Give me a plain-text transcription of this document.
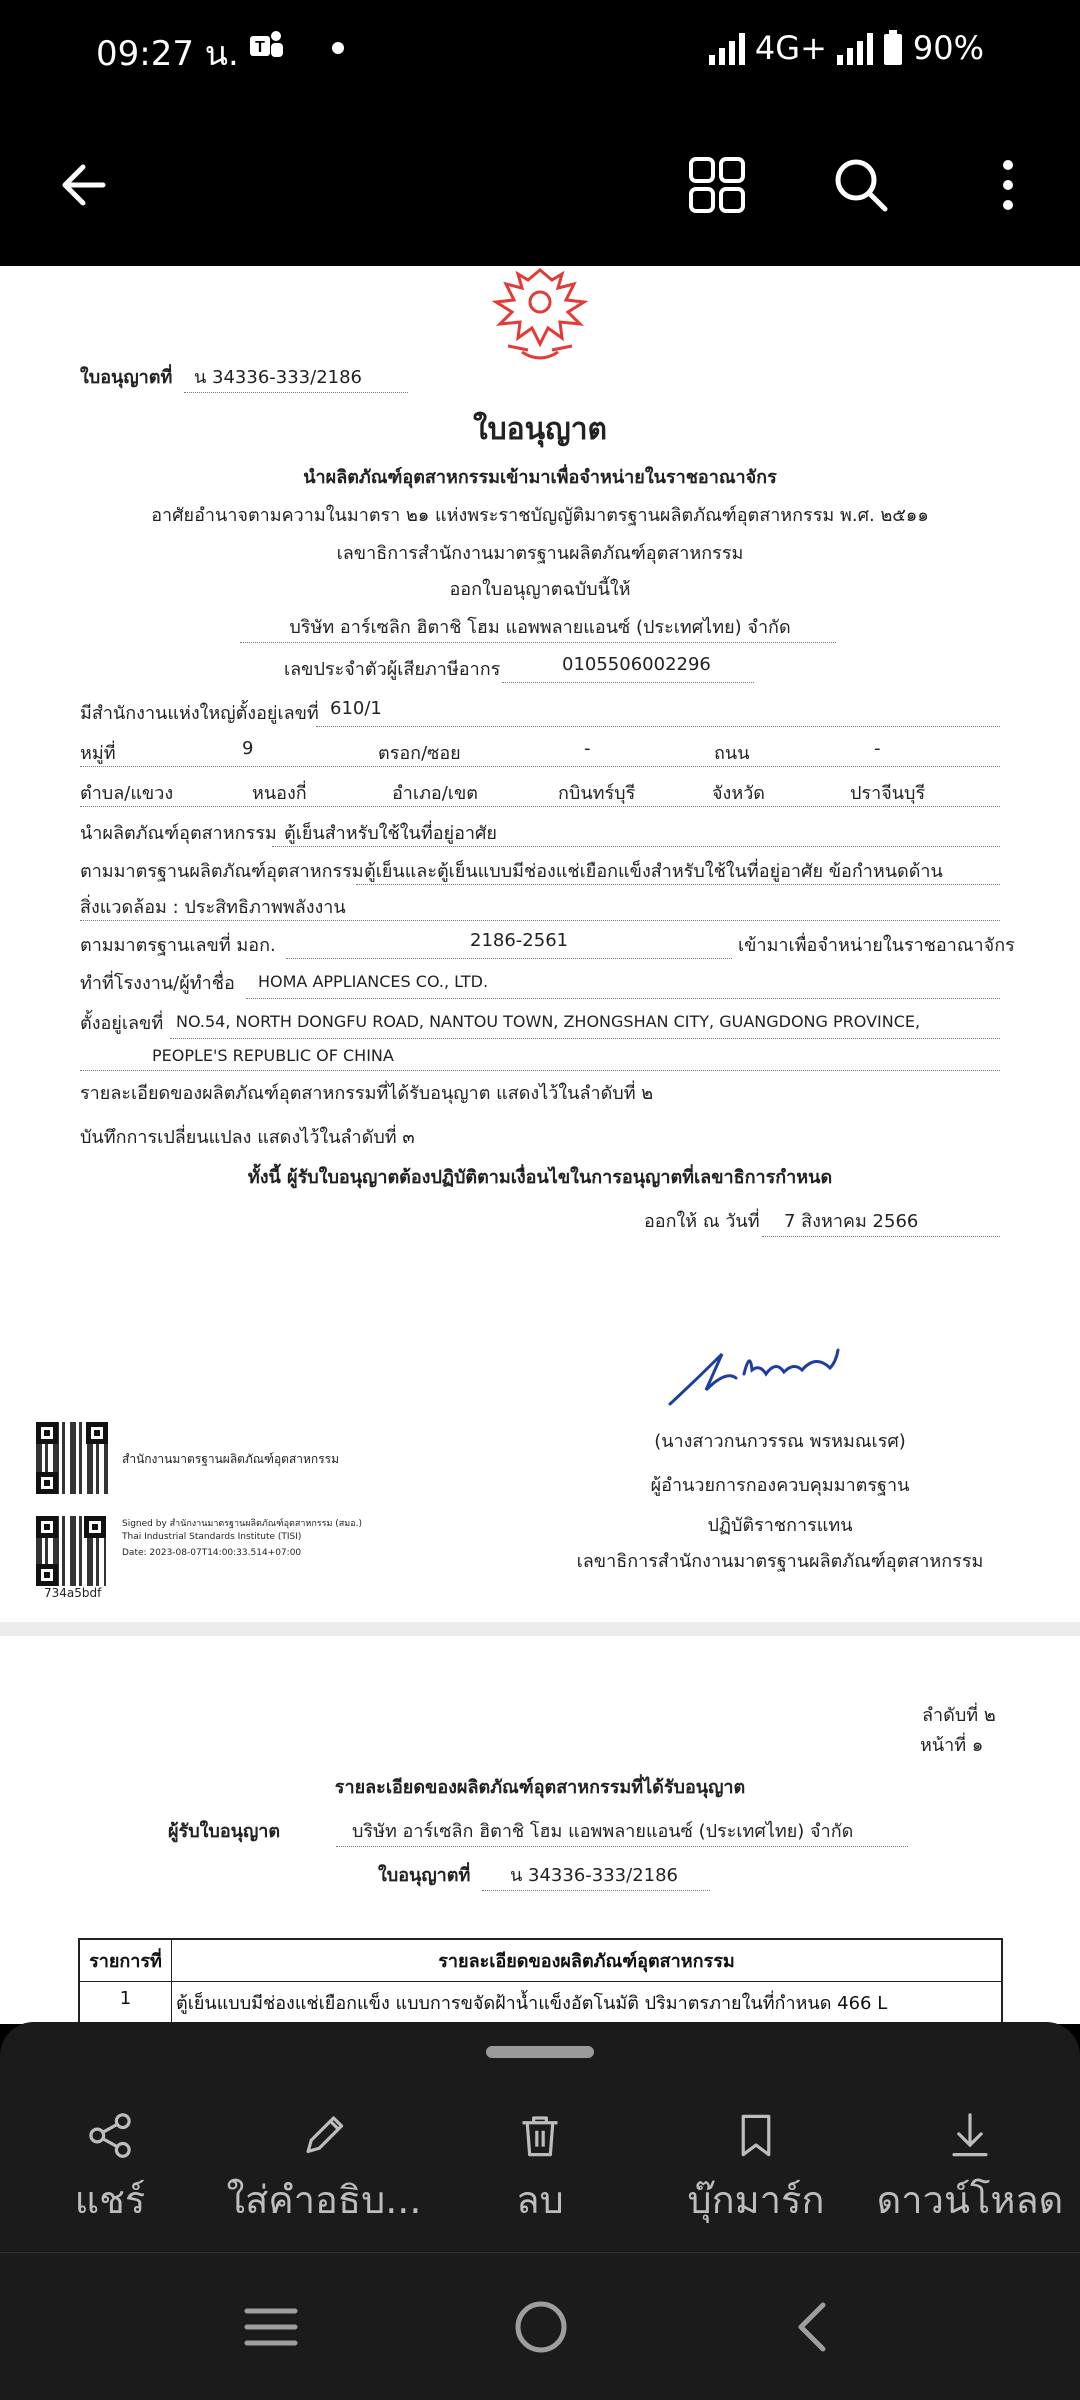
09:27 น. T	4G+	90%
ใบอนุญาตที่ น 34336-333/2186
ใบอนุญาต
นำผลิตภัณฑ์อุตสาหกรรมเข้ามาเพื่อจำหน่ายในราชอาณาจักร
อาศัยอำนาจตามความในมาตรา ๒๑ แห่งพระราชบัญญัติมาตรฐานผลิตภัณฑ์อุตสาหกรรม พ.ศ. ๒๕๑๑
เลขาธิการสำนักงานมาตรฐานผลิตภัณฑ์อุตสาหกรรม
ออกใบอนุญาตฉบับนี้ให้
บริษัท อาร์เซลิก ฮิตาชิ โฮม แอพพลายแอนซ์ (ประเทศไทย) จำกัด
เลขประจำตัวผู้เสียภาษีอากร	0105506002296
มีสำนักงานแห่งใหญ่ตั้งอยู่เลขที่ 610/1
หมู่ที่	9	ตรอก/ซอย	-	ถนน	-
ตำบล/แขวง	หนองกี่	อำเภอ/เขต	กบินทร์บุรี	จังหวัด	ปราจีนบุรี
นำผลิตภัณฑ์อุตสาหกรรม ตู้เย็นสำหรับใช้ในที่อยู่อาศัย
ตามมาตรฐานผลิตภัณฑ์อุตสาหกรรม ตู้เย็นและตู้เย็นแบบมีช่องแช่เยือกแข็งสำหรับใช้ในที่อยู่อาศัย ข้อกำหนดด้าน
สิ่งแวดล้อม : ประสิทธิภาพพลังงาน
ตามมาตรฐานเลขที่ มอก.	2186-2561	เข้ามาเพื่อจำหน่ายในราชอาณาจักร
ทำที่โรงงาน/ผู้ทำชื่อ HOMA APPLIANCES CO., LTD.
ตั้งอยู่เลขที่ NO.54, NORTH DONGFU ROAD, NANTOU TOWN, ZHONGSHAN CITY, GUANGDONG PROVINCE,
PEOPLE'S REPUBLIC OF CHINA
รายละเอียดของผลิตภัณฑ์อุตสาหกรรมที่ได้รับอนุญาต แสดงไว้ในลำดับที่ ๒
บันทึกการเปลี่ยนแปลง แสดงไว้ในลำดับที่ ๓
ทั้งนี้ ผู้รับใบอนุญาตต้องปฏิบัติตามเงื่อนไขในการอนุญาตที่เลขาธิการกำหนด
ออกให้ ณ วันที่ 7 สิงหาคม 2566
(นางสาวกนกวรรณ พรหมณเรศ)
ผู้อำนวยการกองควบคุมมาตรฐาน
ปฏิบัติราชการแทน
เลขาธิการสำนักงานมาตรฐานผลิตภัณฑ์อุตสาหกรรม
สำนักงานมาตรฐานผลิตภัณฑ์อุตสาหกรรม
Signed by สำนักงานมาตรฐานผลิตภัณฑ์อุตสาหกรรม (สมอ.)
Thai Industrial Standards Institute (TISI)
Date: 2023-08-07T14:00:33.514+07:00
734a5bdf
ลำดับที่ ๒
หน้าที่ ๑
รายละเอียดของผลิตภัณฑ์อุตสาหกรรมที่ได้รับอนุญาต
ผู้รับใบอนุญาต	บริษัท อาร์เซลิก ฮิตาชิ โฮม แอพพลายแอนซ์ (ประเทศไทย) จำกัด
ใบอนุญาตที่ น 34336-333/2186
รายการที่	รายละเอียดของผลิตภัณฑ์อุตสาหกรรม
1	ตู้เย็นแบบมีช่องแช่เยือกแข็ง แบบการขจัดฝ้าน้ำแข็งอัตโนมัติ ปริมาตรภายในที่กำหนด 466 L
แชร์ ใส่คำอธิบ... ลบ	บุ๊กมาร์ก ดาวน์โหลด
